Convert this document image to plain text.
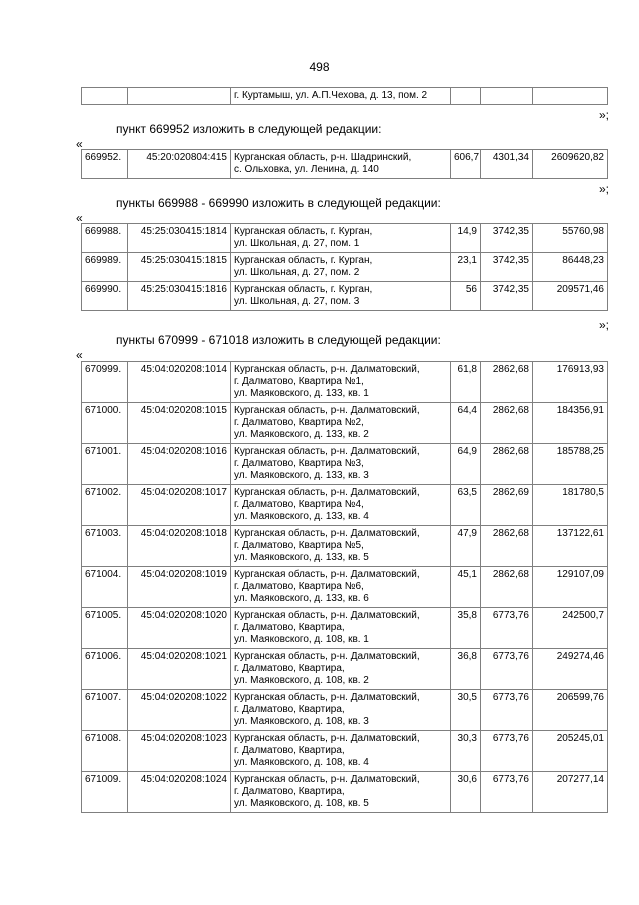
498

г. Куртамыш, ул. А.П.Чехова, д. 13, пом. 2

»;
пункт 669952 изложить в следующей редакции:
«
669952.	45:20:020804:415	Курганская область, р-н. Шадринский,
с. Ольховка, ул. Ленина, д. 140
	606,7	4301,34	2609620,82
»;
пункты 669988 - 669990 изложить в следующей редакции:
«
669988.	45:25:030415:1814	Курганская область, г. Курган,
ул. Школьная, д. 27, пом. 1	14,9	3742,35	55760,98
669989.	45:25:030415:1815	Курганская область, г. Курган,
ул. Школьная, д. 27, пом. 2	23,1	3742,35	86448,23
669990.	45:25:030415:1816	Курганская область, г. Курган,
ул. Школьная, д. 27, пом. 3	56	3742,35	209571,46
»;
пункты 670999 - 671018 изложить в следующей редакции:
«
670999.	45:04:020208:1014	Курганская область, р-н. Далматовский,
г. Далматово, Квартира №1,
ул. Маяковского, д. 133, кв. 1	61,8	2862,68	176913,93
671000.	45:04:020208:1015	Курганская область, р-н. Далматовский,
г. Далматово, Квартира №2,
ул. Маяковского, д. 133, кв. 2	64,4	2862,68	184356,91
671001.	45:04:020208:1016	Курганская область, р-н. Далматовский,
г. Далматово, Квартира №3,
ул. Маяковского, д. 133, кв. 3	64,9	2862,68	185788,25
671002.	45:04:020208:1017	Курганская область, р-н. Далматовский,
г. Далматово, Квартира №4,
ул. Маяковского, д. 133, кв. 4	63,5	2862,69	181780,5
671003.	45:04:020208:1018	Курганская область, р-н. Далматовский,
г. Далматово, Квартира №5,
ул. Маяковского, д. 133, кв. 5	47,9	2862,68	137122,61
671004.	45:04:020208:1019	Курганская область, р-н. Далматовский,
г. Далматово, Квартира №6,
ул. Маяковского, д. 133, кв. 6	45,1	2862,68	129107,09
671005.	45:04:020208:1020	Курганская область, р-н. Далматовский,
г. Далматово, Квартира,
ул. Маяковского, д. 108, кв. 1	35,8	6773,76	242500,7
671006.	45:04:020208:1021	Курганская область, р-н. Далматовский,
г. Далматово, Квартира,
ул. Маяковского, д. 108, кв. 2	36,8	6773,76	249274,46
671007.	45:04:020208:1022	Курганская область, р-н. Далматовский,
г. Далматово, Квартира,
ул. Маяковского, д. 108, кв. 3	30,5	6773,76	206599,76
671008.	45:04:020208:1023	Курганская область, р-н. Далматовский,
г. Далматово, Квартира,
ул. Маяковского, д. 108, кв. 4	30,3	6773,76	205245,01
671009.	45:04:020208:1024	Курганская область, р-н. Далматовский,
г. Далматово, Квартира,
ул. Маяковского, д. 108, кв. 5	30,6	6773,76	207277,14
